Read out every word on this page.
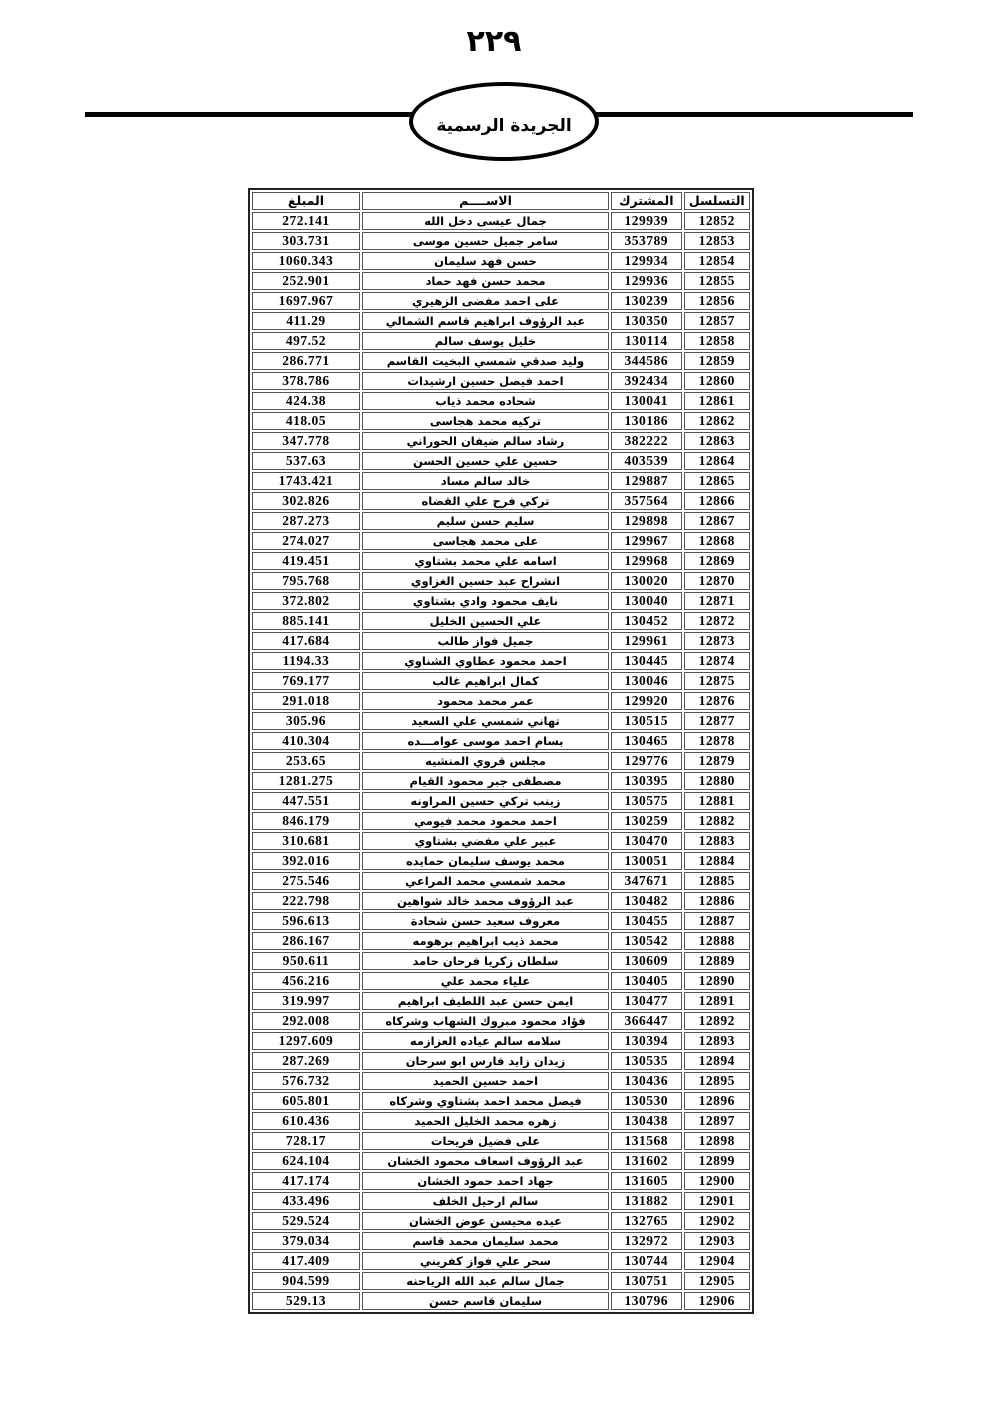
٢٢٩
الجريدة الرسمية
التسلسل	المشترك	الاســــم	المبلغ
12852	129939	جمال عيسى دخل الله	272.141
12853	353789	سامر جميل حسين موسى	303.731
12854	129934	حسن فهد سليمان	1060.343
12855	129936	محمد حسن فهد حماد	252.901
12856	130239	على احمد مفضى الزهيري	1697.967
12857	130350	عبد الرؤوف ابراهيم قاسم الشمالي	411.29
12858	130114	خليل يوسف سالم	497.52
12859	344586	وليد صدقي شمسي البخيت القاسم	286.771
12860	392434	احمد فيصل حسين ارشيدات	378.786
12861	130041	شحاده محمد ذياب	424.38
12862	130186	تركيه محمد هجاسى	418.05
12863	382222	رشاد سالم ضيفان الحوراني	347.778
12864	403539	حسين علي حسين الحسن	537.63
12865	129887	خالد سالم مساد	1743.421
12866	357564	تركي فرح علي القضاه	302.826
12867	129898	سليم حسن سليم	287.273
12868	129967	على محمد هجاسى	274.027
12869	129968	اسامه علي محمد بشتاوي	419.451
12870	130020	انشراح عبد حسين الغزاوي	795.768
12871	130040	نايف محمود وادي بشتاوي	372.802
12872	130452	علي الحسين الخليل	885.141
12873	129961	جميل فواز طالب	417.684
12874	130445	احمد محمود عطاوي الشناوي	1194.33
12875	130046	كمال ابراهيم غالب	769.177
12876	129920	عمر محمد محمود	291.018
12877	130515	تهاني شمسي علي السعيد	305.96
12878	130465	بسام احمد موسى عوامـــده	410.304
12879	129776	مجلس قروي المنشيه	253.65
12880	130395	مصطفى جبر محمود القيام	1281.275
12881	130575	زينب تركي حسين المراونه	447.551
12882	130259	احمد محمود محمد فيومي	846.179
12883	130470	عبير علي مفضي بشتاوي	310.681
12884	130051	محمد يوسف سليمان حمايده	392.016
12885	347671	محمد شمسي محمد المراعي	275.546
12886	130482	عبد الرؤوف محمد خالد شواهين	222.798
12887	130455	معروف سعيد حسن شحادة	596.613
12888	130542	محمد ذيب ابراهيم برهومه	286.167
12889	130609	سلطان زكريا فرحان حامد	950.611
12890	130405	علياء محمد علي	456.216
12891	130477	ايمن حسن عبد اللطيف ابراهيم	319.997
12892	366447	فؤاد محمود مبروك الشهاب وشركاه	292.008
12893	130394	سلامه سالم عياده العزازمه	1297.609
12894	130535	زيدان زايد فارس ابو سرحان	287.269
12895	130436	احمد حسين الحميد	576.732
12896	130530	فيصل محمد احمد بشتاوي وشركاه	605.801
12897	130438	زهره محمد الخليل الحميد	610.436
12898	131568	على فضيل فريحات	728.17
12899	131602	عبد الرؤوف اسعاف محمود الخشان	624.104
12900	131605	جهاد احمد حمود الخشان	417.174
12901	131882	سالم ارحيل الخلف	433.496
12902	132765	عيده محيسن عوض الخشان	529.524
12903	132972	محمد سليمان محمد قاسم	379.034
12904	130744	سحر علي فواز كفريني	417.409
12905	130751	جمال سالم عبد الله الرياحنه	904.599
12906	130796	سليمان قاسم حسن	529.13
